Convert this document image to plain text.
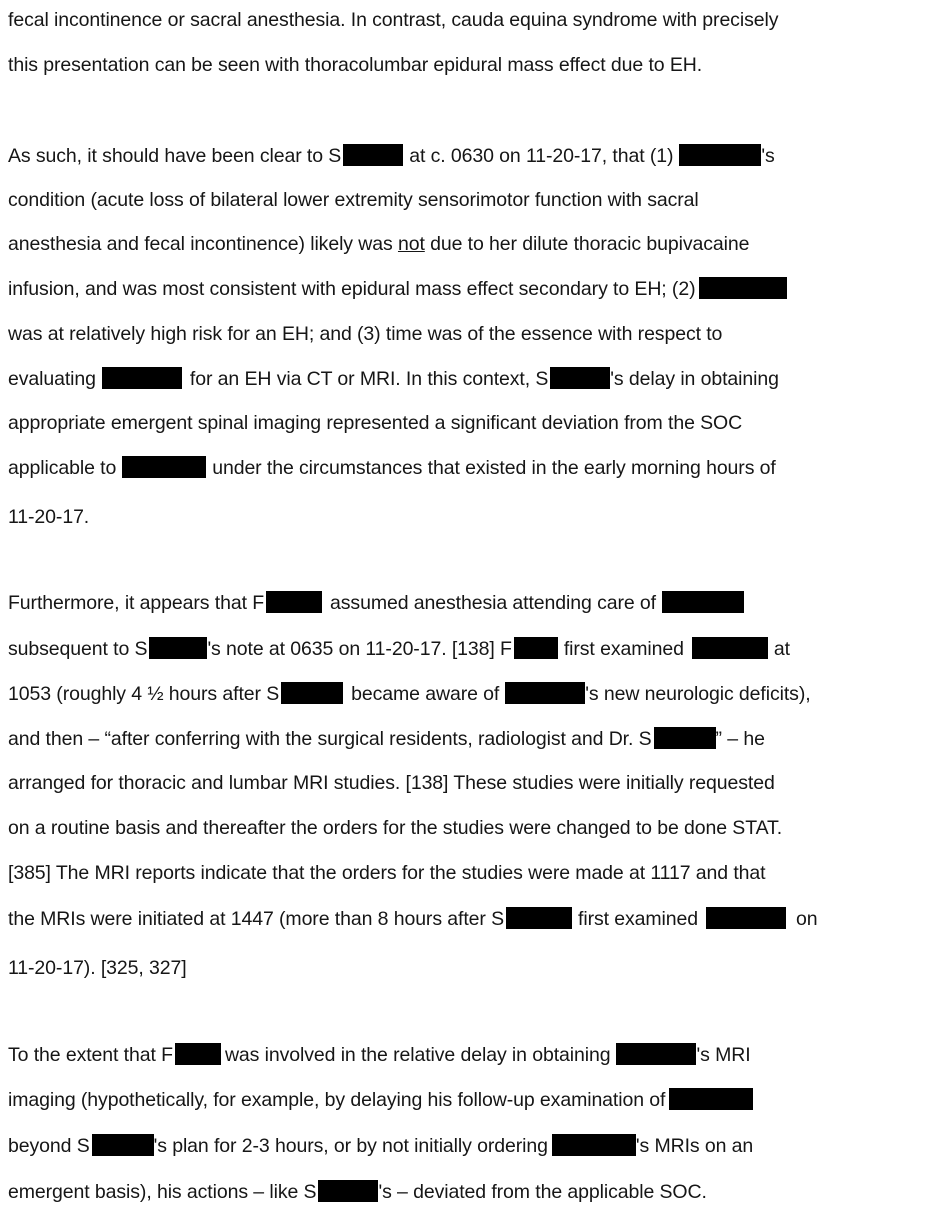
fecal incontinence or sacral anesthesia. In contrast, cauda equina syndrome with precisely
this presentation can be seen with thoracolumbar epidural mass effect due to EH.
As such, it should have been clear to S	at c. 0630 on 11-20-17, that (1)	's
condition (acute loss of bilateral lower extremity sensorimotor function with sacral
anesthesia and fecal incontinence) likely was not due to her dilute thoracic bupivacaine
infusion, and was most consistent with epidural mass effect secondary to EH; (2)
was at relatively high risk for an EH; and (3) time was of the essence with respect to
evaluating	for an EH via CT or MRI. In this context, S	's delay in obtaining
appropriate emergent spinal imaging represented a significant deviation from the SOC
applicable to	under the circumstances that existed in the early morning hours of
11-20-17.
Furthermore, it appears that F	assumed anesthesia attending care of
subsequent to S	's note at 0635 on 11-20-17. [138] F	first examined	at
1053 (roughly 4 ½ hours after S	became aware of	's new neurologic deficits),
and then – “after conferring with the surgical residents, radiologist and Dr. S	” – he
arranged for thoracic and lumbar MRI studies. [138] These studies were initially requested
on a routine basis and thereafter the orders for the studies were changed to be done STAT.
[385] The MRI reports indicate that the orders for the studies were made at 1117 and that
the MRIs were initiated at 1447 (more than 8 hours after S	first examined	on
11-20-17). [325, 327]
To the extent that F	was involved in the relative delay in obtaining	's MRI
imaging (hypothetically, for example, by delaying his follow-up examination of
beyond S	's plan for 2-3 hours, or by not initially ordering	's MRIs on an
emergent basis), his actions – like S	's – deviated from the applicable SOC.
